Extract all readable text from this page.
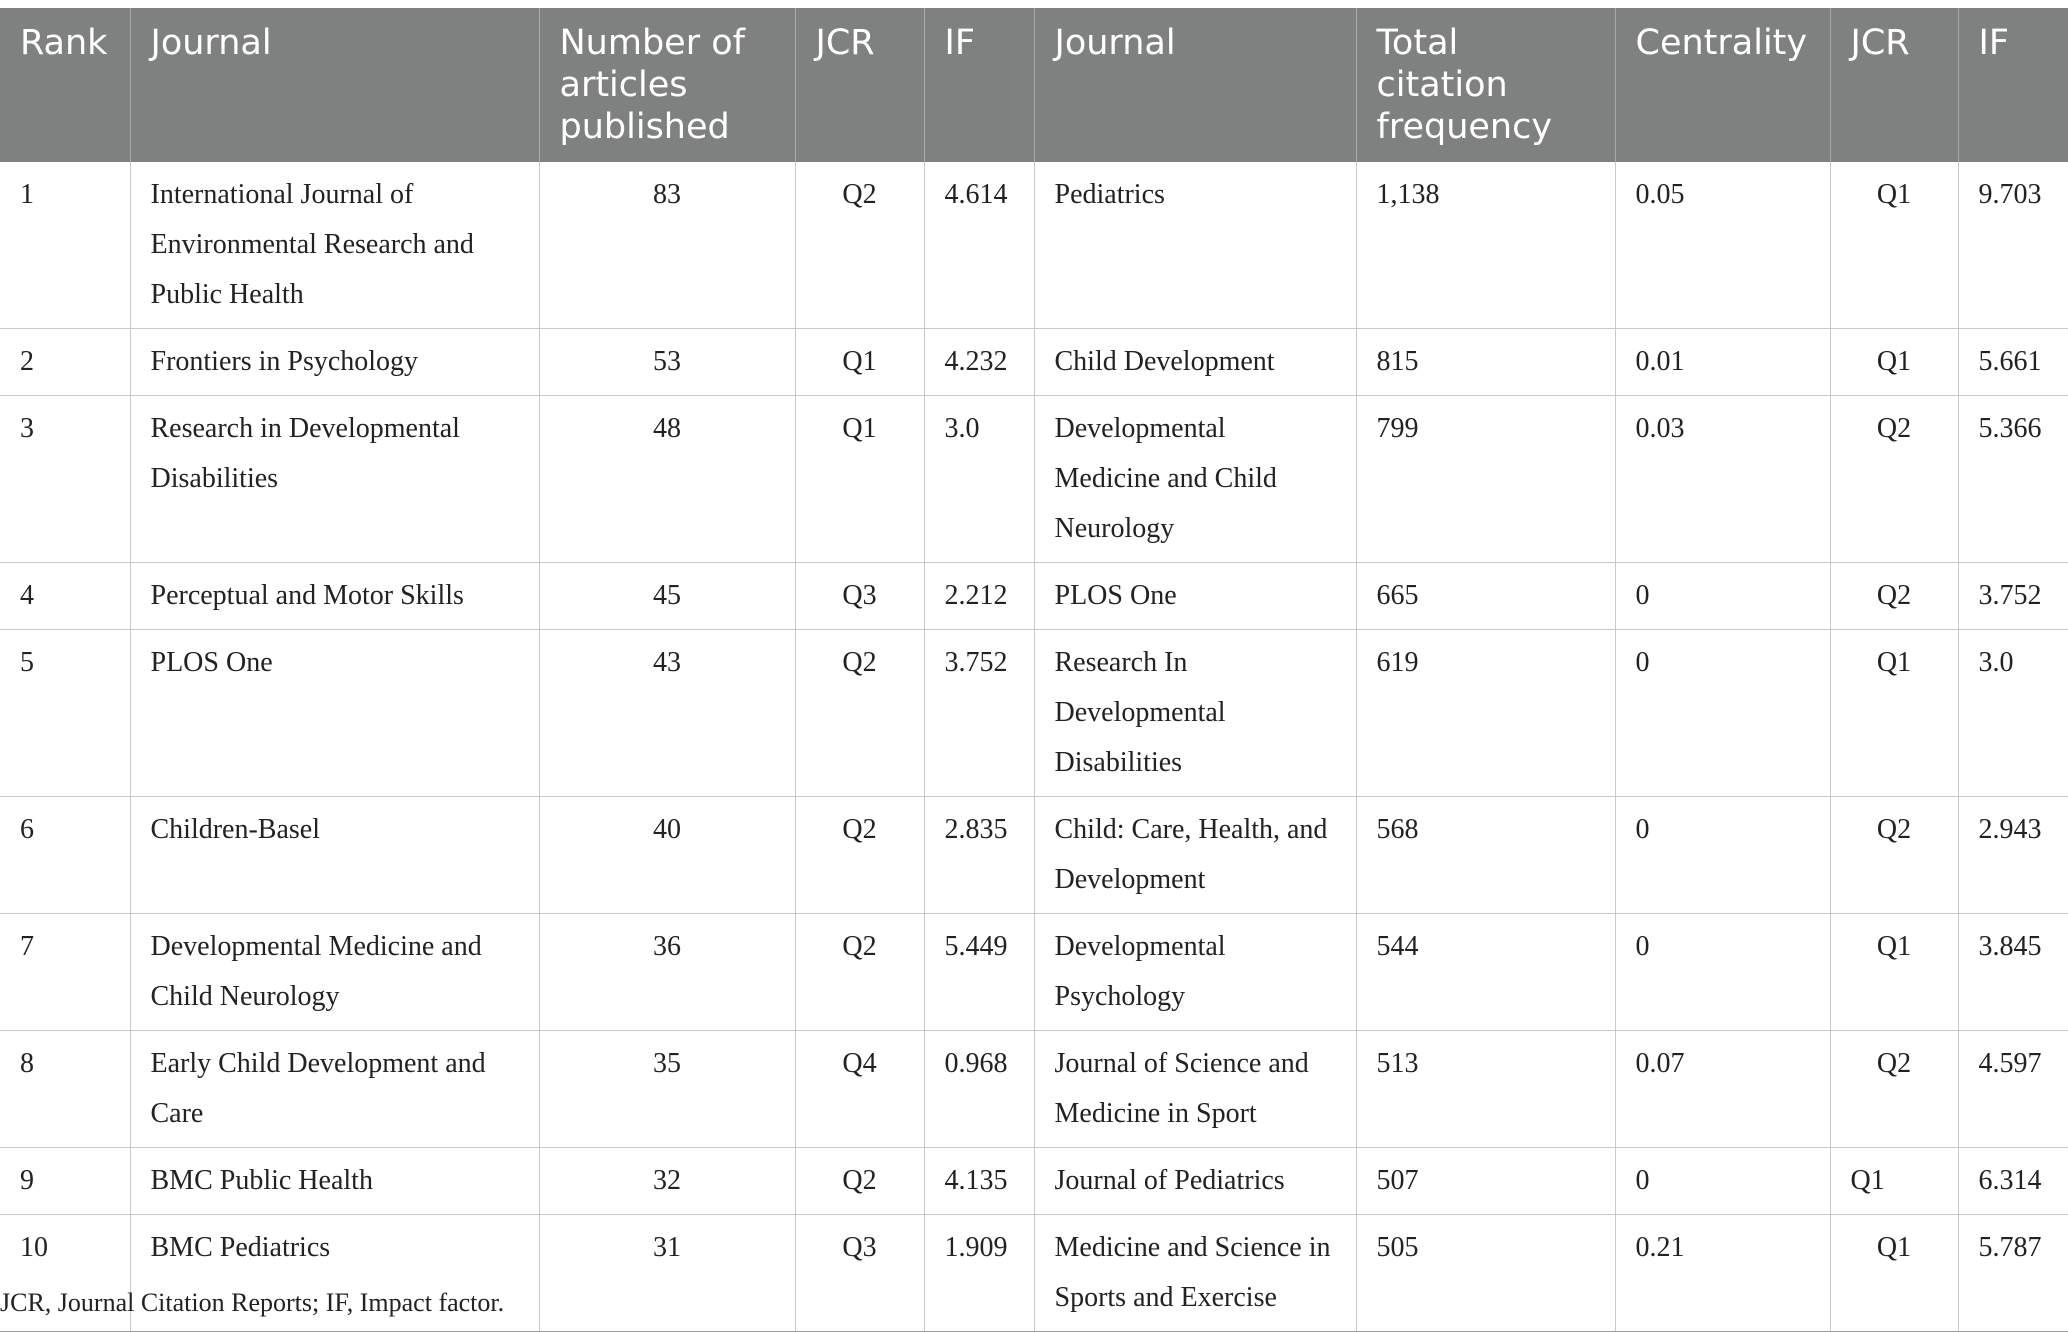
Rank	Journal	Number of articles published	JCR	IF	Journal	Total citation frequency	Centrality	JCR	IF
1	International Journal of Environmental Research and Public Health	83	Q2	4.614	Pediatrics	1,138	0.05	Q1	9.703
2	Frontiers in Psychology	53	Q1	4.232	Child Development	815	0.01	Q1	5.661
3	Research in Developmental Disabilities	48	Q1	3.0	Developmental Medicine and Child Neurology	799	0.03	Q2	5.366
4	Perceptual and Motor Skills	45	Q3	2.212	PLOS One	665	0	Q2	3.752
5	PLOS One	43	Q2	3.752	Research In Developmental Disabilities	619	0	Q1	3.0
6	Children-Basel	40	Q2	2.835	Child: Care, Health, and Development	568	0	Q2	2.943
7	Developmental Medicine and Child Neurology	36	Q2	5.449	Developmental Psychology	544	0	Q1	3.845
8	Early Child Development and Care	35	Q4	0.968	Journal of Science and Medicine in Sport	513	0.07	Q2	4.597
9	BMC Public Health	32	Q2	4.135	Journal of Pediatrics	507	0	Q1	6.314
10	BMC Pediatrics	31	Q3	1.909	Medicine and Science in Sports and Exercise	505	0.21	Q1	5.787
JCR, Journal Citation Reports; IF, Impact factor.
